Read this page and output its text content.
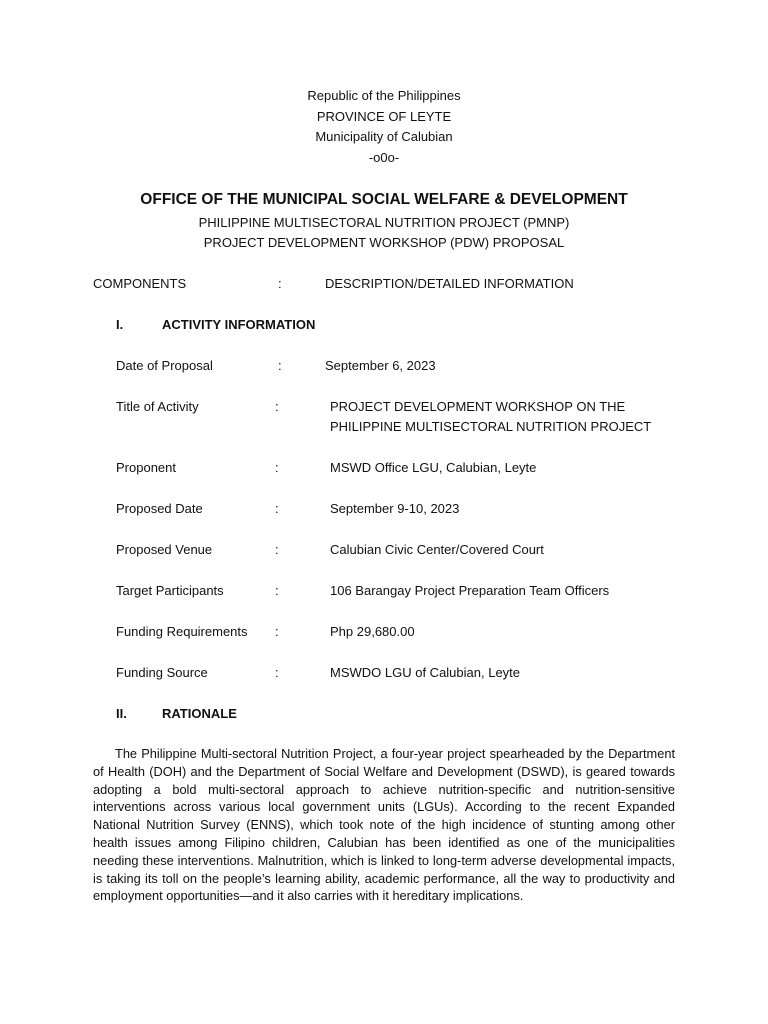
Republic of the Philippines
PROVINCE OF LEYTE
Municipality of Calubian
-o0o-
OFFICE OF THE MUNICIPAL SOCIAL WELFARE & DEVELOPMENT
PHILIPPINE MULTISECTORAL NUTRITION PROJECT (PMNP)
PROJECT DEVELOPMENT WORKSHOP (PDW) PROPOSAL
COMPONENTS	:	DESCRIPTION/DETAILED INFORMATION
I.	ACTIVITY INFORMATION
Date of Proposal	:	September 6, 2023
Title of Activity	:	PROJECT DEVELOPMENT WORKSHOP ON THE
PHILIPPINE MULTISECTORAL NUTRITION PROJECT
Proponent	:	MSWD Office LGU, Calubian, Leyte
Proposed Date	:	September 9-10, 2023
Proposed Venue	:	Calubian Civic Center/Covered Court
Target Participants	:	106 Barangay Project Preparation Team Officers
Funding Requirements :	Php 29,680.00
Funding Source	:	MSWDO LGU of Calubian, Leyte
II.	RATIONALE
The Philippine Multi-sectoral Nutrition Project, a four-year project spearheaded by the Department of Health (DOH) and the Department of Social Welfare and Development (DSWD), is geared towards adopting a bold multi-sectoral approach to achieve nutrition-specific and nutrition-sensitive interventions across various local government units (LGUs). According to the recent Expanded National Nutrition Survey (ENNS), which took note of the high incidence of stunting among other health issues among Filipino children, Calubian has been identified as one of the municipalities needing these interventions. Malnutrition, which is linked to long-term adverse developmental impacts, is taking its toll on the people’s learning ability, academic performance, all the way to productivity and employment opportunities—and it also carries with it hereditary implications.
